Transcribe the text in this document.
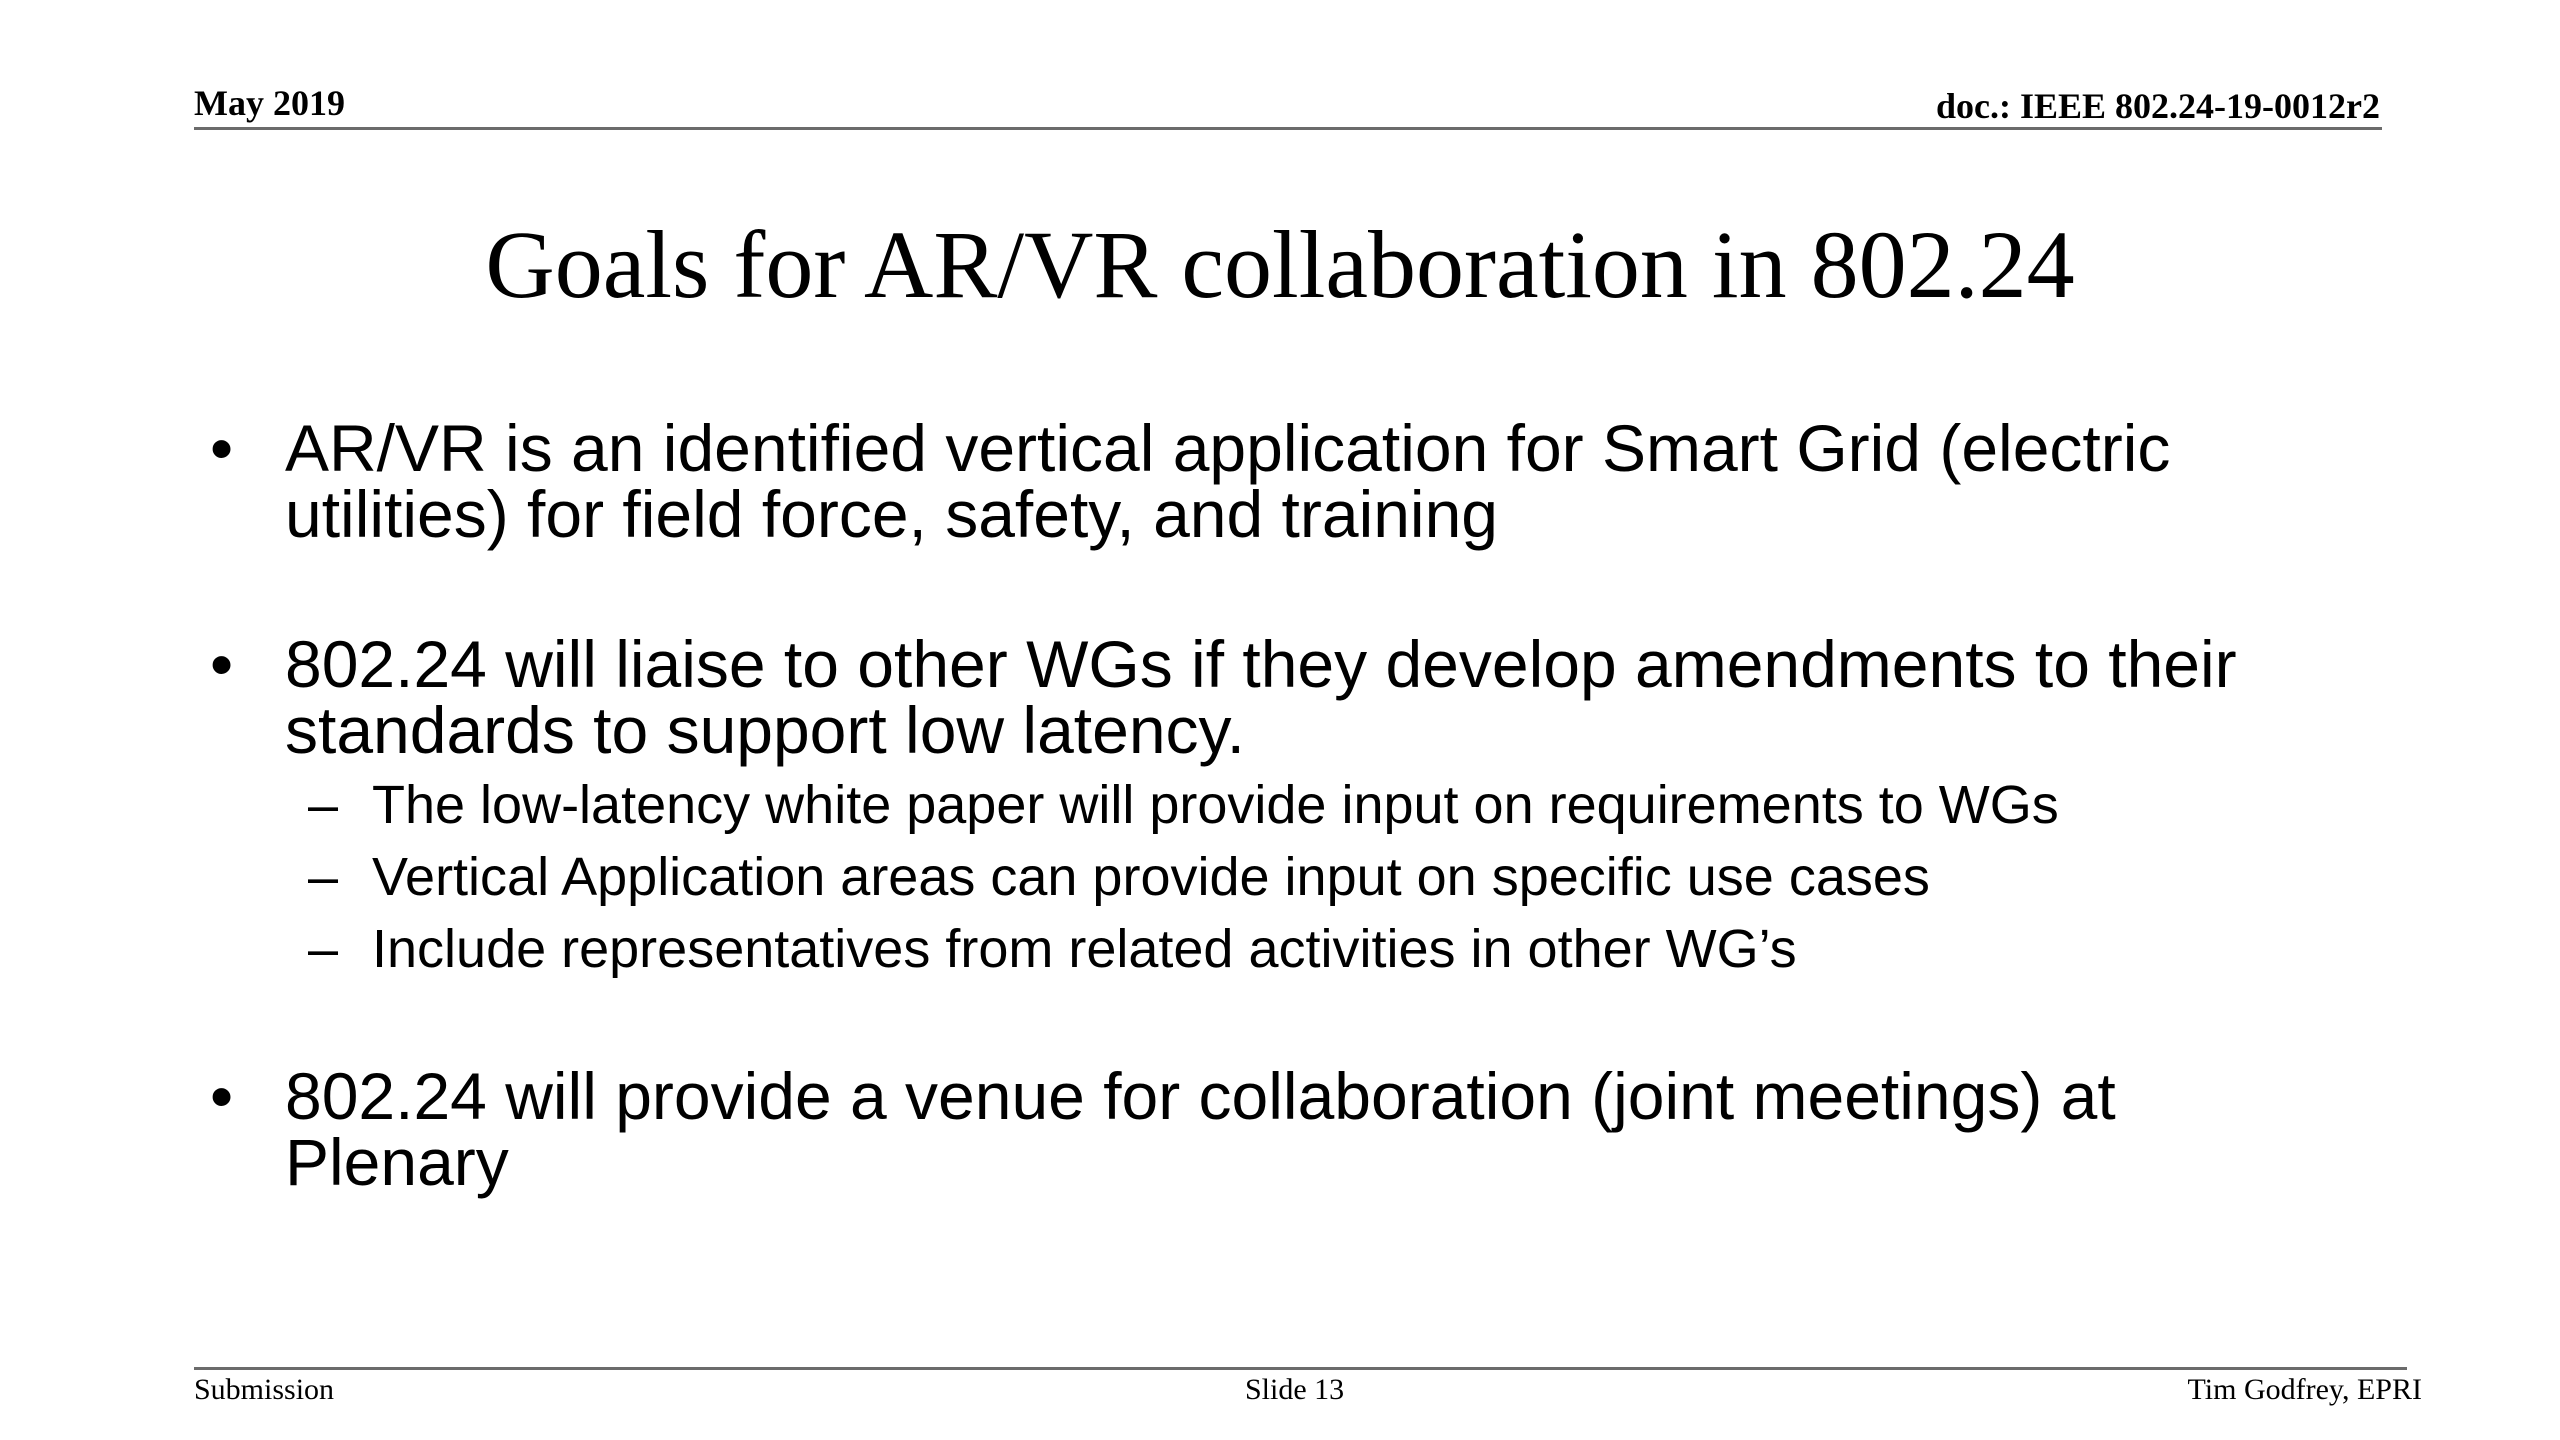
May 2019	doc.: IEEE 802.24-19-0012r2
Goals for AR/VR collaboration in 802.24
• AR/VR is an identified vertical application for Smart Grid (electric
utilities) for field force, safety, and training
• 802.24 will liaise to other WGs if they develop amendments to their
standards to support low latency.
– The low-latency white paper will provide input on requirements to WGs
– Vertical Application areas can provide input on specific use cases
– Include representatives from related activities in other WG’s
• 802.24 will provide a venue for collaboration (joint meetings) at
Plenary
Submission	Slide 13	Tim Godfrey, EPRI
